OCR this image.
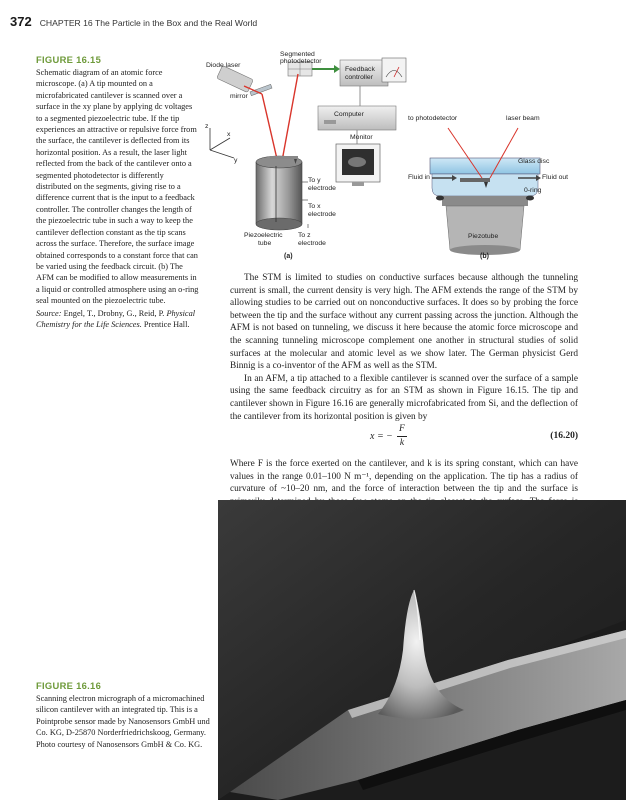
372 CHAPTER 16 The Particle in the Box and the Real World
FIGURE 16.15
Schematic diagram of an atomic force microscope. (a) A tip mounted on a microfabricated cantilever is scanned over a surface in the xy plane by applying dc voltages to a segmented piezoelectric tube. If the tip experiences an attractive or repulsive force from the surface, the cantilever is deflected from its horizontal position. As a result, the laser light reflected from the back of the cantilever onto a segmented photodetector is differently distributed on the segments, giving rise to a difference current that is the input to a feedback controller. The controller changes the length of the piezoelectric tube in such a way to keep the cantilever deflection constant as the tip scans across the surface. Therefore, the surface image obtained corresponds to a constant force that can be varied using the feedback circuit. (b) The AFM can be modified to allow measurements in a liquid or controlled atmosphere using an o-ring seal mounted on the piezoelectric tube.
Source: Engel, T., Drobny, G., Reid, P. Physical Chemistry for the Life Sciences. Prentice Hall.
Diode laser
Segmented
photodetector
Feedback
controller
mirror
Computer
Monitor
z
x
y
To y
electrode
To x
electrode
Piezoelectric
tube
To z
electrode
(a)
to photodetector	laser beam
Glass disc
Fluid in	Fluid out
0-ring
Piezotube
(b)

The STM is limited to studies on conductive surfaces because although the tunneling current is small, the current density is very high. The AFM extends the range of the STM by allowing studies to be carried out on nonconductive surfaces. It does so by probing the force between the tip and the surface without any current passing across the junction. Although the AFM is not based on tunneling, we discuss it here because the atomic force microscope and the scanning tunneling microscope complement one another in structural studies of solid surfaces at the molecular and atomic level as we show later. The German physicist Gerd Binnig is a co-inventor of the AFM as well as the STM.

In an AFM, a tip attached to a flexible cantilever is scanned over the surface of a sample using the same feedback circuitry as for an STM as shown in Figure 16.15. The tip and cantilever shown in Figure 16.16 are generally microfabricated from Si, and the deflection of the cantilever from its horizontal position is given by

x = − $\frac{F}{k}$	(16.20)

Where F is the force exerted on the cantilever, and k is its spring constant, which can have values in the range 0.01–100 N m⁻¹, depending on the application. The tip has a radius of curvature of ~10–20 nm, and the force of interaction between the tip and the surface is

FIGURE 16.16
Scanning electron micrograph of a micromachined silicon cantilever with an integrated tip. This is a Pointprobe sensor made by Nanosensors GmbH und Co. KG, D-25870 Norderfriedrichskoog, Germany. Photo courtesy of Nanosensors GmbH & Co. KG.
